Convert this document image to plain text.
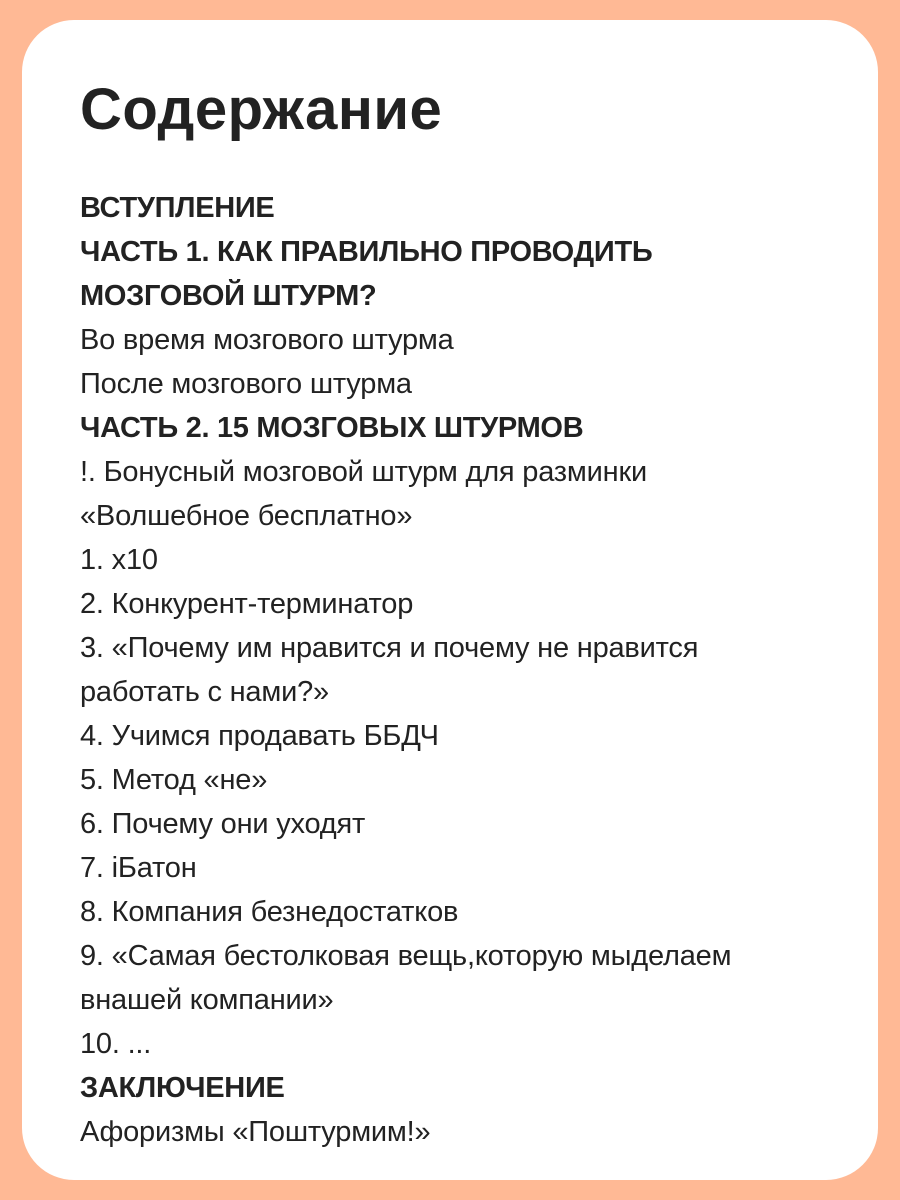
Содержание
ВСТУПЛЕНИЕ
ЧАСТЬ 1. КАК ПРАВИЛЬНО ПРОВОДИТЬ
МОЗГОВОЙ ШТУРМ?
Во время мозгового штурма
После мозгового штурма
ЧАСТЬ 2. 15 МОЗГОВЫХ ШТУРМОВ
!. Бонусный мозговой штурм для разминки
«Волшебное бесплатно»
1. х10
2. Конкурент-терминатор
3. «Почему им нравится и почему не нравится
работать с нами?»
4. Учимся продавать ББДЧ
5. Метод «не»
6. Почему они уходят
7. iБатон
8. Компания безнедостатков
9. «Самая бестолковая вещь,которую мыделаем
внашей компании»
10. ...
ЗАКЛЮЧЕНИЕ
Афоризмы «Поштурмим!»
